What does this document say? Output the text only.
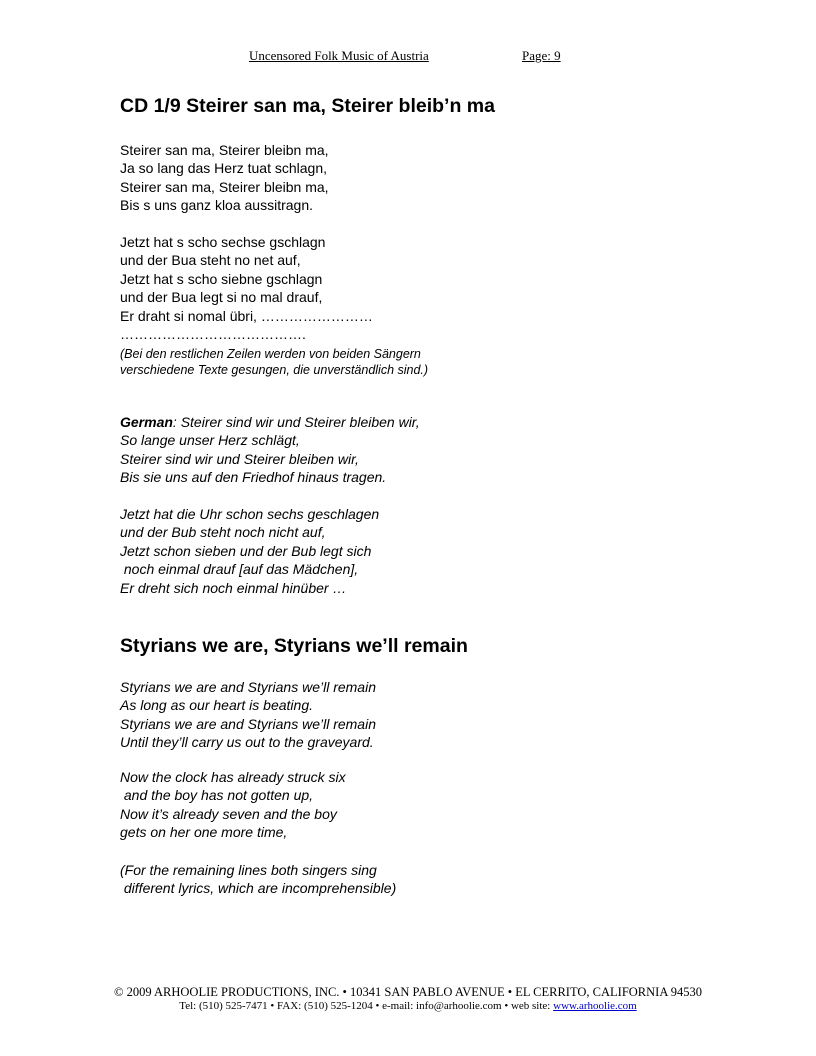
Uncensored Folk Music of Austria	Page: 9
CD 1/9 Steirer san ma, Steirer bleib’n ma
Steirer san ma, Steirer bleibn ma,
Ja so lang das Herz tuat schlagn,
Steirer san ma, Steirer bleibn ma,
Bis s uns ganz kloa aussitragn.
Jetzt hat s scho sechse gschlagn
und der Bua steht no net auf,
Jetzt hat s scho siebne gschlagn
und der Bua legt si no mal drauf,
Er draht si nomal übri, ……………………
………………………………….
(Bei den restlichen Zeilen werden von beiden Sängern
verschiedene Texte gesungen, die unverständlich sind.)
German: Steirer sind wir und Steirer bleiben wir,
So lange unser Herz schlägt,
Steirer sind wir und Steirer bleiben wir,
Bis sie uns auf den Friedhof hinaus tragen.
Jetzt hat die Uhr schon sechs geschlagen
und der Bub steht noch nicht auf,
Jetzt schon sieben und der Bub legt sich
noch einmal drauf [auf das Mädchen],
Er dreht sich noch einmal hinüber …
Styrians we are, Styrians we’ll remain
Styrians we are and Styrians we’ll remain
As long as our heart is beating.
Styrians we are and Styrians we’ll remain
Until they’ll carry us out to the graveyard.
Now the clock has already struck six
and the boy has not gotten up,
Now it’s already seven and the boy
gets on her one more time,
(For the remaining lines both singers sing
different lyrics, which are incomprehensible)
© 2009 ARHOOLIE PRODUCTIONS, INC. • 10341 SAN PABLO AVENUE • EL CERRITO, CALIFORNIA 94530
Tel: (510) 525-7471 • FAX: (510) 525-1204 • e-mail: info@arhoolie.com • web site: www.arhoolie.com
